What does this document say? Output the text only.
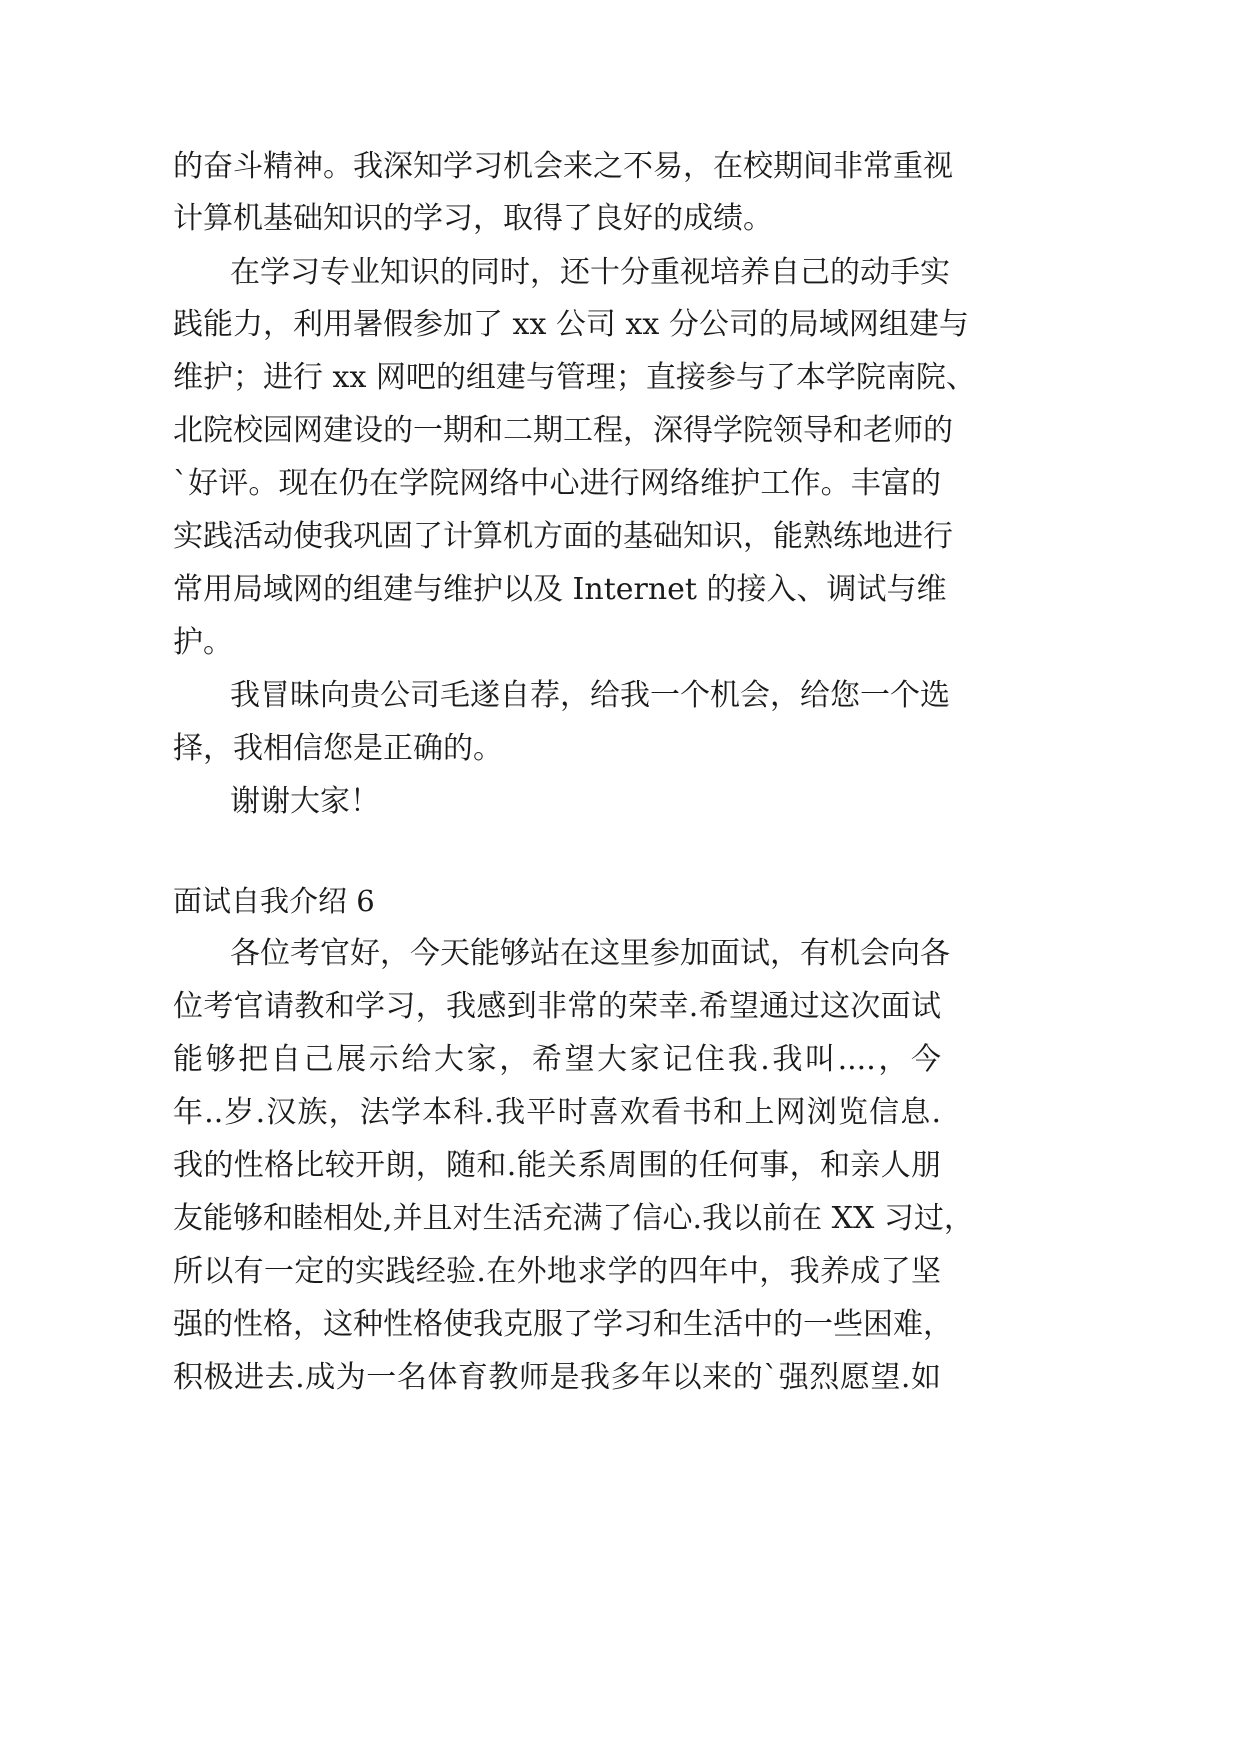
的奋斗精神。我深知学习机会来之不易，在校期间非常重视
计算机基础知识的学习，取得了良好的成绩。
在学习专业知识的同时，还十分重视培养自己的动手实
践能力，利用暑假参加了 xx 公司 xx 分公司的局域网组建与
维护；进行 xx 网吧的组建与管理；直接参与了本学院南院、
北院校园网建设的一期和二期工程，深得学院领导和老师的
`好评。现在仍在学院网络中心进行网络维护工作。丰富的
实践活动使我巩固了计算机方面的基础知识，能熟练地进行
常用局域网的组建与维护以及 Internet 的接入、调试与维
护。
我冒昧向贵公司毛遂自荐，给我一个机会，给您一个选
择，我相信您是正确的。
谢谢大家！
面试自我介绍 6
各位考官好，今天能够站在这里参加面试，有机会向各
位考官请教和学习，我感到非常的荣幸.希望通过这次面试
能够把自己展示给大家，希望大家记住我.我叫....，今
年..岁.汉族，法学本科.我平时喜欢看书和上网浏览信息.
我的性格比较开朗，随和.能关系周围的任何事，和亲人朋
友能够和睦相处,并且对生活充满了信心.我以前在 XX 习过，
所以有一定的实践经验.在外地求学的四年中，我养成了坚
强的性格，这种性格使我克服了学习和生活中的一些困难，
积极进去.成为一名体育教师是我多年以来的`强烈愿望.如
